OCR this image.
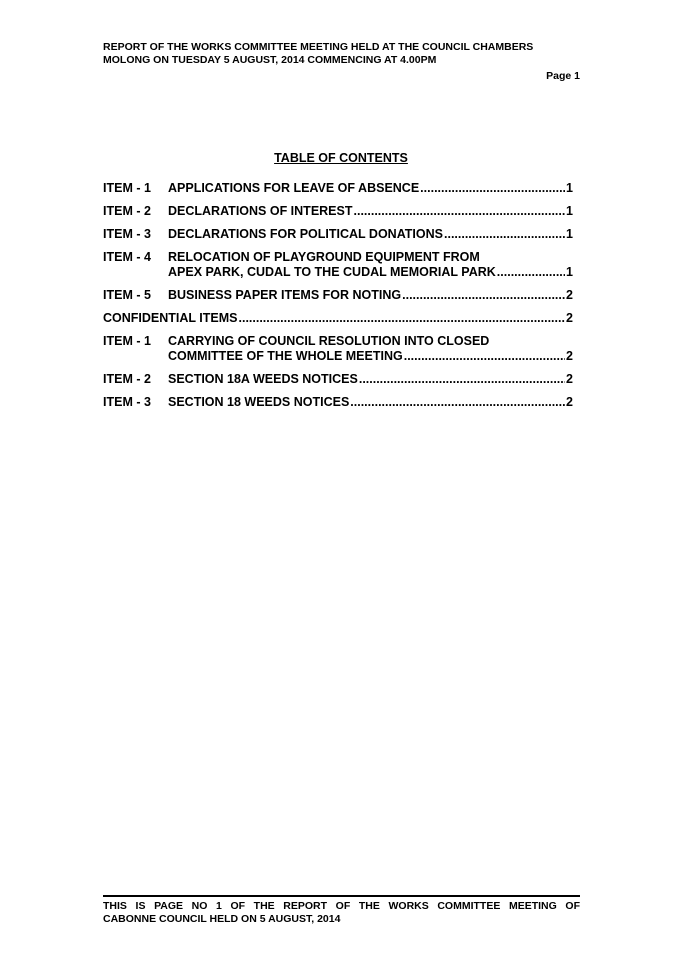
REPORT OF THE WORKS COMMITTEE MEETING HELD AT THE COUNCIL CHAMBERS
MOLONG ON TUESDAY 5 AUGUST, 2014 COMMENCING AT 4.00PM
Page 1
TABLE OF CONTENTS
ITEM - 1	APPLICATIONS FOR LEAVE OF ABSENCE .....	1
ITEM - 2	DECLARATIONS OF INTEREST .....	1
ITEM - 3	DECLARATIONS FOR POLITICAL DONATIONS .....	1
ITEM - 4	RELOCATION OF PLAYGROUND EQUIPMENT FROM
APEX PARK, CUDAL TO THE CUDAL MEMORIAL PARK .....	1
ITEM - 5	BUSINESS PAPER ITEMS FOR NOTING .....	2
CONFIDENTIAL ITEMS .....	2
ITEM - 1	CARRYING OF COUNCIL RESOLUTION INTO CLOSED
COMMITTEE OF THE WHOLE MEETING .....	2
ITEM - 2	SECTION 18A WEEDS NOTICES .....	2
ITEM - 3	SECTION 18 WEEDS NOTICES .....	2
THIS IS PAGE NO 1 OF THE REPORT OF THE WORKS COMMITTEE MEETING OF
CABONNE COUNCIL HELD ON 5 AUGUST, 2014
